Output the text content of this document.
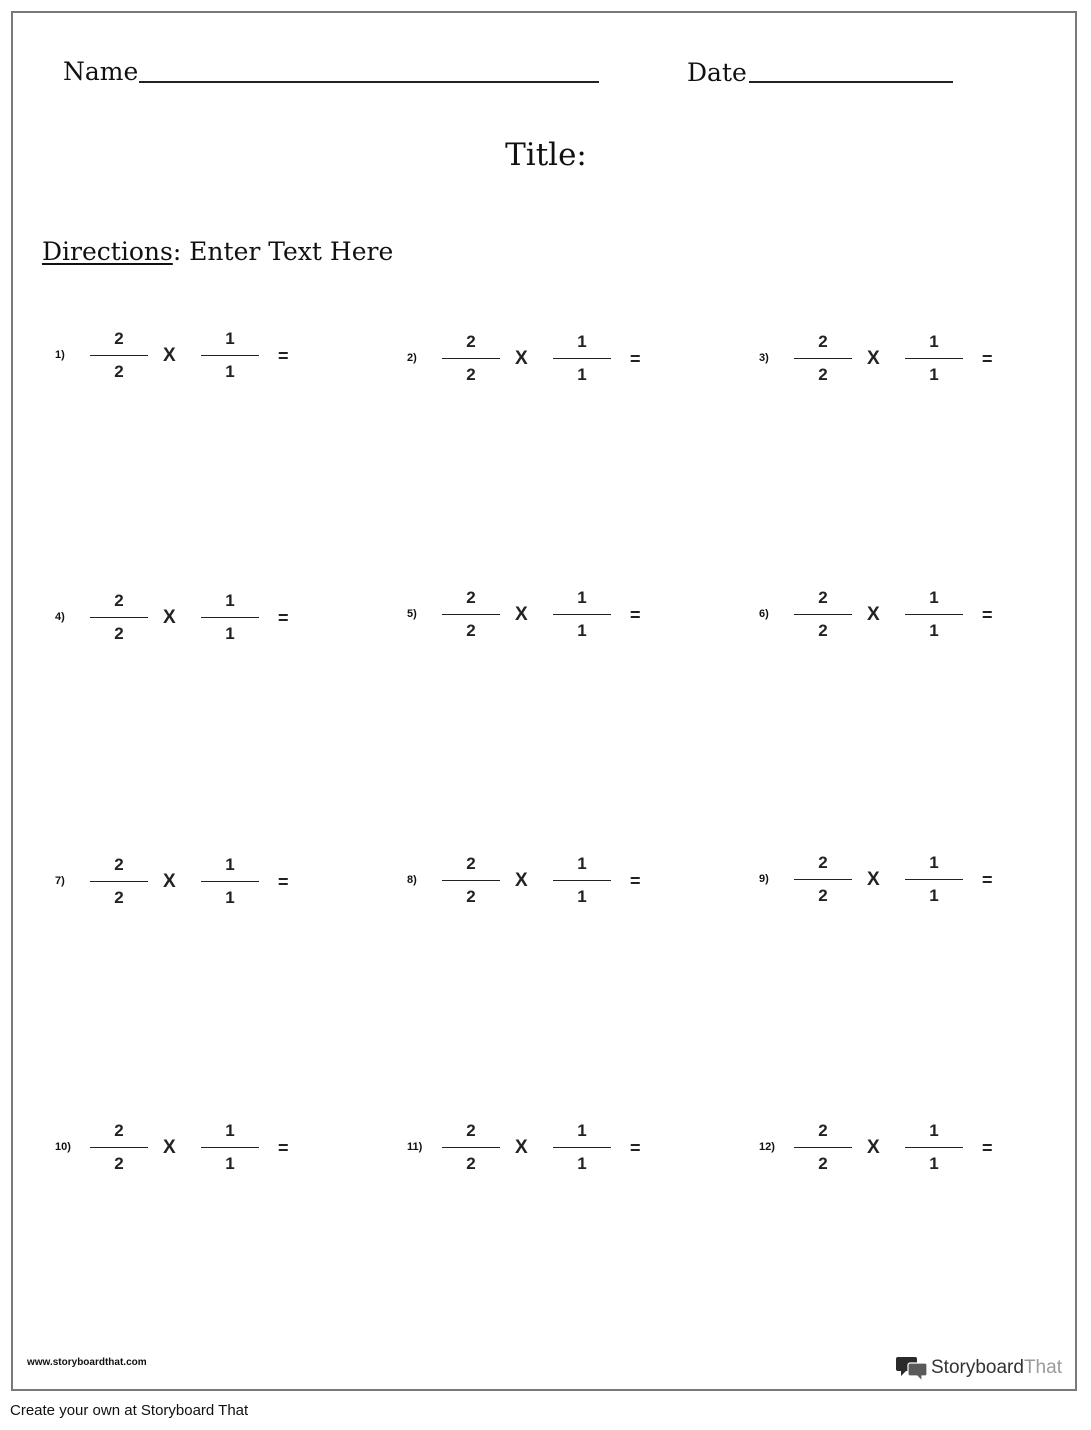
Name	Date
Title:
Directions: Enter Text Here
1)
2
2
X
1
1
=	2)
2
2
X
1
1
=	3)
2
2
X
1
1
=
4)
2
2
X
1
1
=	5)
2
2
X
1
1
=	6)
2
2
X
1
1
=
7)
2
2
X
1
1
=	8)
2
2
X
1
1
=	9)
2
2
X
1
1
=
10)
2
2
X
1
1
=	11)
2
2
X
1
1
=	12)
2
2
X
1
1
=
www.storyboardthat.com	Storyboard That
Create your own at Storyboard That
